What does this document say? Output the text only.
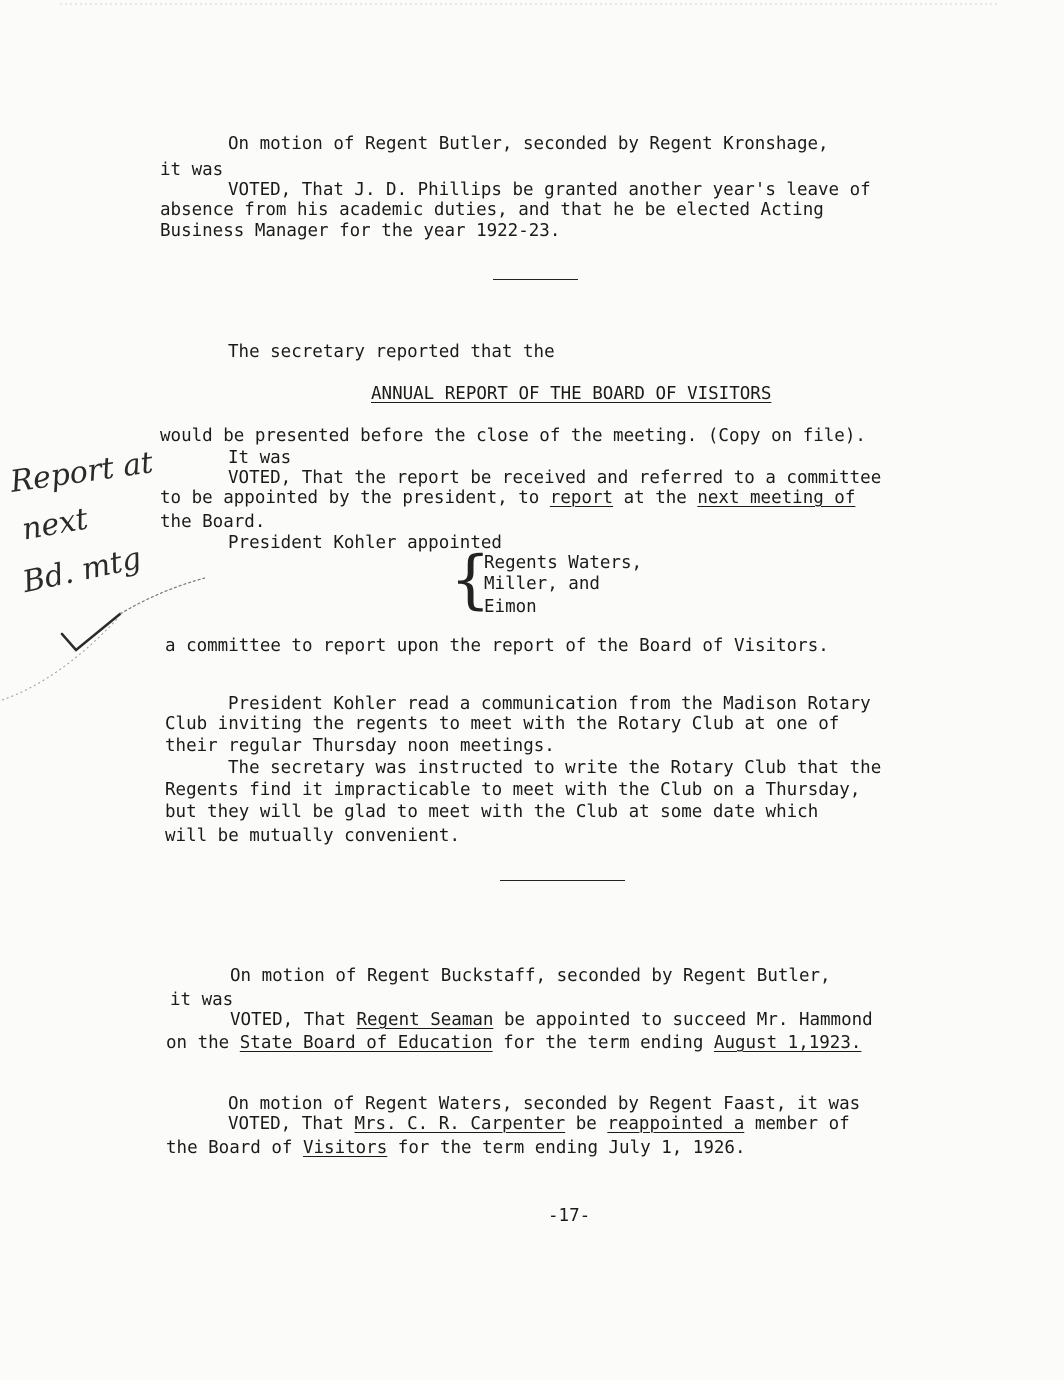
On motion of Regent Butler, seconded by Regent Kronshage,

it was

VOTED, That J. D. Phillips be granted another year's leave of

absence from his academic duties, and that he be elected Acting

Business Manager for the year 1922-23.

The secretary reported that the

ANNUAL REPORT OF THE BOARD OF VISITORS

would be presented before the close of the meeting. (Copy on file).

It was

VOTED, That the report be received and referred to a committee

to be appointed by the president, to report at the next meeting of

the Board.

President Kohler appointed

{

Regents Waters,

Miller, and

Eimon

a committee to report upon the report of the Board of Visitors.

Report at
next
Bd. mtg

President Kohler read a communication from the Madison Rotary

Club inviting the regents to meet with the Rotary Club at one of

their regular Thursday noon meetings.

The secretary was instructed to write the Rotary Club that the

Regents find it impracticable to meet with the Club on a Thursday,

but they will be glad to meet with the Club at some date which

will be mutually convenient.

On motion of Regent Buckstaff, seconded by Regent Butler,

it was

VOTED, That Regent Seaman be appointed to succeed Mr. Hammond

on the State Board of Education for the term ending August 1,1923.

On motion of Regent Waters, seconded by Regent Faast, it was

VOTED, That Mrs. C. R. Carpenter be reappointed a member of

the Board of Visitors for the term ending July 1, 1926.

-17-
